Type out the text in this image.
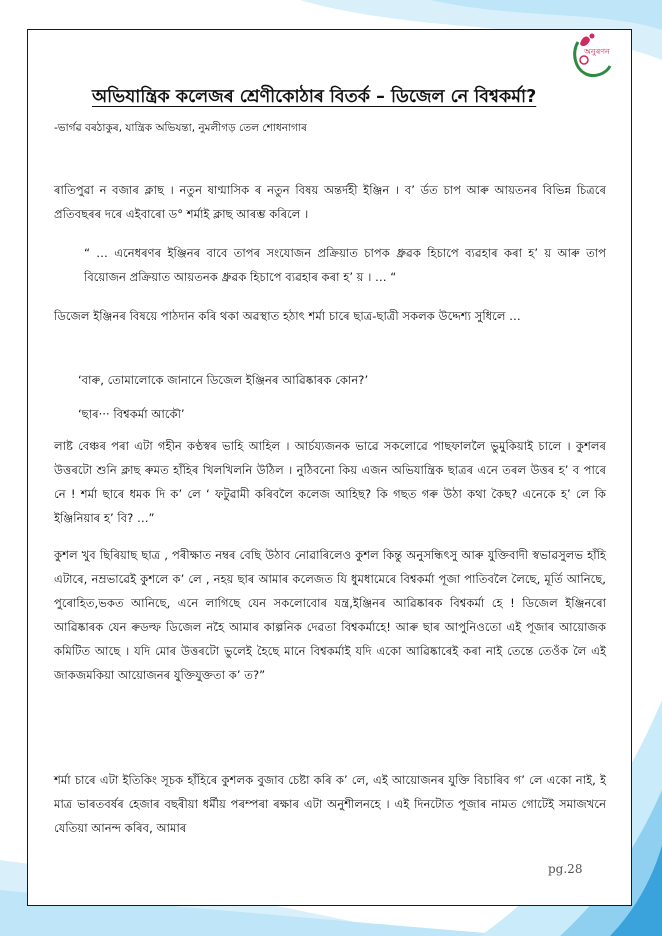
অনুৰণন
অভিযান্ত্রিক কলেজৰ শ্ৰেণীকোঠাৰ বিতৰ্ক – ডিজেল নে বিশ্বকৰ্মা?
-ভাৰ্গৱ বৰঠাকুৰ, যান্ত্রিক অভিযন্তা, নুমলীগড় তেল শোধনাগাৰ

ৰাতিপুৱা ন বজাৰ ক্লাছ । নতুন ষাণ্মাসিক ৰ নতুন বিষয় অন্তৰ্দহী ইঞ্জিন । ব’ ৰ্ডত চাপ আৰু আয়তনৰ বিভিন্ন চিত্ৰৰে প্ৰতিবছৰৰ দৰে এইবাৰো ড° শৰ্মাই ক্লাছ আৰম্ভ কৰিলে ।

“ … এনেধৰণৰ ইঞ্জিনৰ বাবে তাপৰ সংযোজন প্ৰক্ৰিয়াত চাপক ধ্ৰুৱক হিচাপে ব্যৱহাৰ কৰা হ’ য় আৰু তাপ বিয়োজন প্ৰক্ৰিয়াত আয়তনক ধ্ৰুৱক হিচাপে ব্যৱহাৰ কৰা হ’ য় । … “

ডিজেল ইঞ্জিনৰ বিষয়ে পাঠদান কৰি থকা অৱস্থাত হঠাৎ শৰ্মা চাৰে ছাত্ৰ-ছাত্ৰী সকলক উদ্দেশ্য সুধিলে …

‘বাৰু, তোমালোকে জানানে ডিজেল ইঞ্জিনৰ আৱিষ্কাৰক কোন?’

‘ছাৰ··· বিশ্বকৰ্মা আকৌ’

লাষ্ট বেঞ্চৰ পৰা এটা গহীন কণ্ঠস্বৰ ভাহি আহিল । আৰ্চয্যজনক ভাৱে সকলোৱে পাছফাললৈ ভুমুকিয়াই চালে । কুশলৰ উত্তৰটো শুনি ক্লাছ ৰুমত হাঁহিৰ খিলখিলনি উঠিল । নুঠিবনো কিয় এজন অভিযান্ত্ৰিক ছাত্ৰৰ এনে তৰল উত্তৰ হ’ ব পাৰে নে ! শৰ্মা ছাৰে ধমক দি ক’ লে ‘ ফটুৱামী কৰিবলৈ কলেজ আহিছ? কি গছত গৰু উঠা কথা কৈছ? এনেকে হ’ লে কি ইঞ্জিনিয়াৰ হ’ বি? …”

কুশল খুব ছিৰিয়াছ ছাত্ৰ , পৰীক্ষাত নম্বৰ বেছি উঠাব নোৱাৰিলেও কুশল কিন্তু অনুসন্ধিৎসু আৰু যুক্তিবাদী স্বভাৱসুলভ হাঁহি এটাৰে, নম্ৰভাৱেই কুশলে ক’ লে , নহয় ছাৰ আমাৰ কলেজত যি ধুমধামেৰে বিশ্বকৰ্মা পূজা পাতিবলৈ লৈছে, মূৰ্তি আনিছে, পুৰোহিত,ভকত আনিছে, এনে লাগিছে যেন সকলোবোৰ যন্ত্ৰ,ইঞ্জিনৰ আৱিষ্কাৰক বিশ্বকৰ্মা হে ! ডিজেল ইঞ্জিনৰো আৱিষ্কাৰক যেন ৰুডল্ফ ডিজেল নহৈ আমাৰ কাল্পনিক দেৱতা বিশ্বকৰ্মাহে! আৰু ছাৰ আপুনিওতো এই পূজাৰ আয়োজক কমিটিত আছে । যদি মোৰ উত্তৰটো ভুলেই হৈছে মানে বিশ্বকৰ্মাই যদি একো আৱিষ্কাৰেই কৰা নাই তেন্তে তেওঁক লৈ এই জাকজমকিয়া আয়োজনৰ যুক্তিযুক্ততা ক’ ত?”

শৰ্মা চাৰে এটা ইতিকিং সূচক হাঁহিৰে কুশলক বুজাব চেষ্টা কৰি ক’ লে, এই আয়োজনৰ যুক্তি বিচাৰিব গ’ লে একো নাই, ই মাত্ৰ ভাৰতবৰ্ষৰ হেজাৰ বছৰীয়া ধৰ্মীয় পৰম্পৰা ৰক্ষাৰ এটা অনুশীলনহে । এই দিনটোত পূজাৰ নামত গোটেই সমাজখনে যেতিয়া আনন্দ কৰিব, আমাৰ

pg.28
